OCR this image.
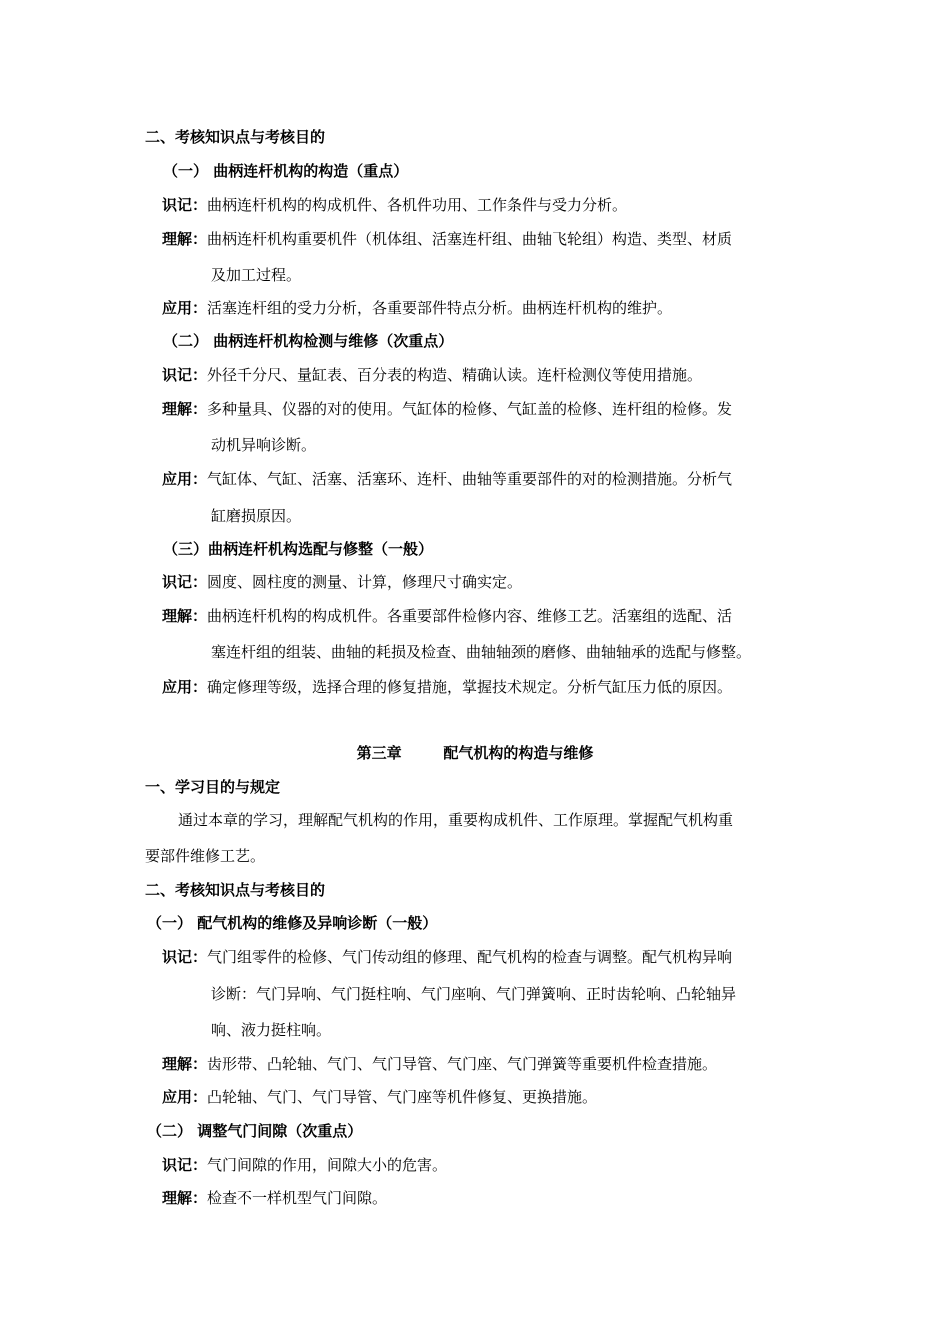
二、考核知识点与考核目的
（一） 曲柄连杆机构的构造（重点）
识记：曲柄连杆机构的构成机件、各机件功用、工作条件与受力分析。
理解：曲柄连杆机构重要机件（机体组、活塞连杆组、曲轴飞轮组）构造、类型、材质
及加工过程。
应用：活塞连杆组的受力分析，各重要部件特点分析。曲柄连杆机构的维护。
（二） 曲柄连杆机构检测与维修（次重点）
识记：外径千分尺、量缸表、百分表的构造、精确认读。连杆检测仪等使用措施。
理解：多种量具、仪器的对的使用。气缸体的检修、气缸盖的检修、连杆组的检修。发
动机异响诊断。
应用：气缸体、气缸、活塞、活塞环、连杆、曲轴等重要部件的对的检测措施。分析气
缸磨损原因。
（三）曲柄连杆机构选配与修整（一般）
识记：圆度、圆柱度的测量、计算，修理尺寸确实定。
理解：曲柄连杆机构的构成机件。各重要部件检修内容、维修工艺。活塞组的选配、活
塞连杆组的组装、曲轴的耗损及检查、曲轴轴颈的磨修、曲轴轴承的选配与修整。
应用：确定修理等级，选择合理的修复措施，掌握技术规定。分析气缸压力低的原因。
第三章        配气机构的构造与维修
一、学习目的与规定
通过本章的学习，理解配气机构的作用，重要构成机件、工作原理。掌握配气机构重
要部件维修工艺。
二、考核知识点与考核目的
（一） 配气机构的维修及异响诊断（一般）
识记：气门组零件的检修、气门传动组的修理、配气机构的检查与调整。配气机构异响
诊断：气门异响、气门挺柱响、气门座响、气门弹簧响、正时齿轮响、凸轮轴异
响、液力挺柱响。
理解：齿形带、凸轮轴、气门、气门导管、气门座、气门弹簧等重要机件检查措施。
应用：凸轮轴、气门、气门导管、气门座等机件修复、更换措施。
（二） 调整气门间隙（次重点）
识记：气门间隙的作用，间隙大小的危害。
理解：检查不一样机型气门间隙。
